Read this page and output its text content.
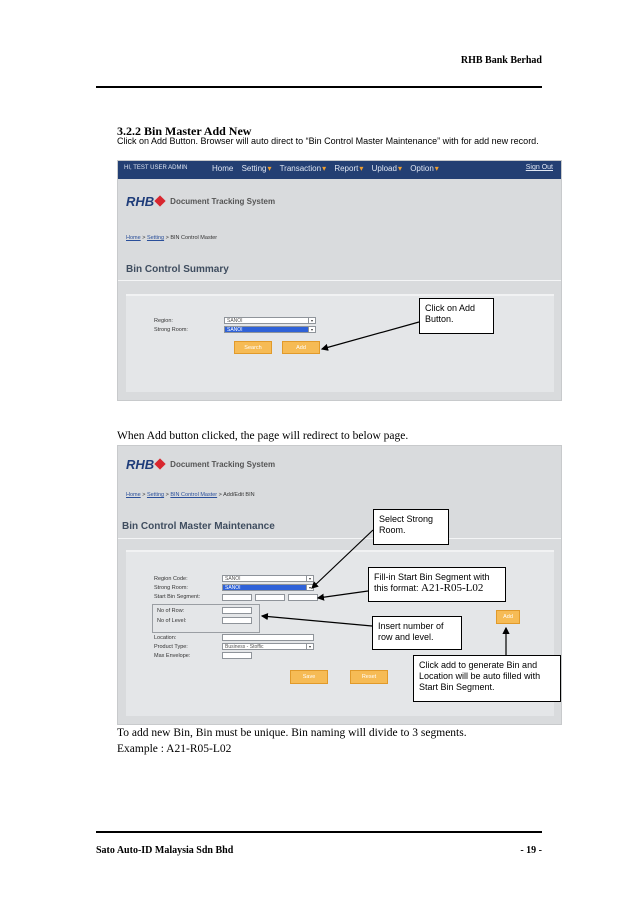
RHB Bank Berhad
3.2.2 Bin Master Add New
Click on Add Button. Browser will auto direct to “Bin Control Master Maintenance” with for add new record.
HI, TEST USER ADMIN	Home Setting▾ Transaction▾ Report▾ Upload▾ Option▾	Sign Out
RHB Document Tracking System
Home > Setting > BIN Control Master
Bin Control Summary
Region:	SANOI	▾
Strong Room:	SANOI	▾
Search	Add
Click on Add Button.
When Add button clicked, the page will redirect to below page.
RHB Document Tracking System
Home > Setting > BIN Control Master > Add/Edit BIN
Bin Control Master Maintenance
Region Code:	SANOI	▾
Strong Room:	SANOI	▾
Start Bin Segment:
No of Row:
No of Level:
Add
Location:
Product Type:	Business - Stoffic	▾
Max Envelope:
Save	Reset
Select Strong Room.
Fill-in Start Bin Segment with this format: A21-R05-L02
Insert number of row and level.
Click add to generate Bin and Location will be auto filled with Start Bin Segment.
To add new Bin, Bin must be unique. Bin naming will divide to 3 segments.
Example : A21-R05-L02
Sato Auto-ID Malaysia Sdn Bhd	- 19 -
